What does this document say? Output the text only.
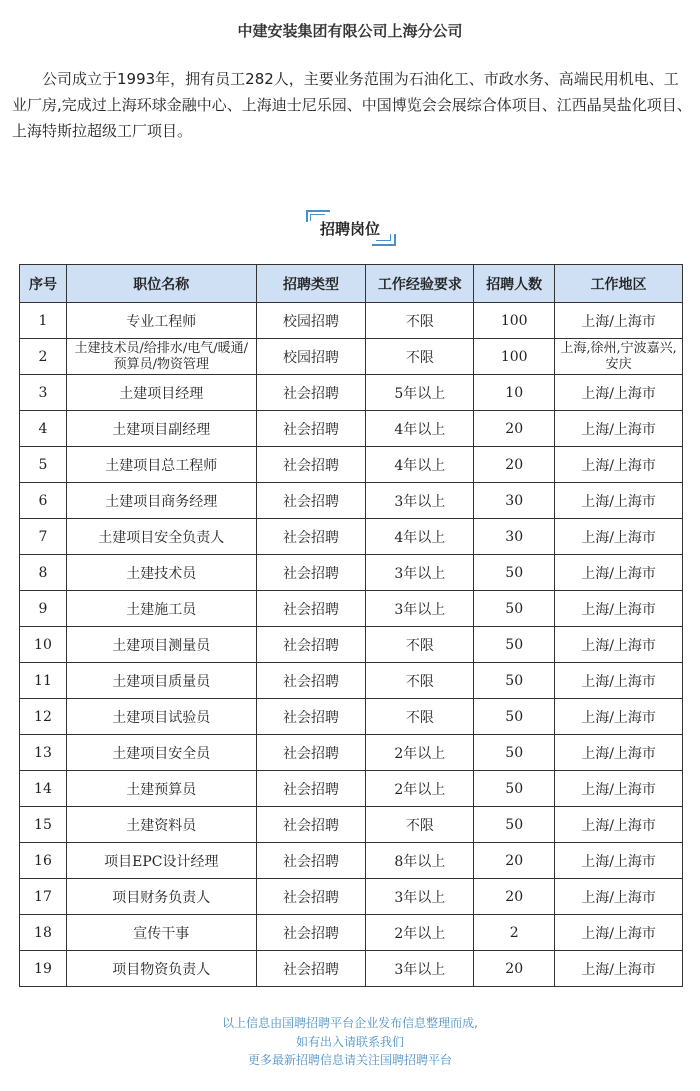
中建安装集团有限公司上海分公司

公司成立于1993年，拥有员工282人，主要业务范围为石油化工、市政水务、高端民用机电、工业厂房,完成过上海环球金融中心、上海迪士尼乐园、中国博览会会展综合体项目、江西晶昊盐化项目、上海特斯拉超级工厂项目。

招聘岗位
序号	职位名称	招聘类型	工作经验要求	招聘人数	工作地区
1	专业工程师	校园招聘	不限	100	上海/上海市
2	土建技术员/给排水/电气/暖通/预算员/物资管理	校园招聘	不限	100	上海,徐州,宁波嘉兴,安庆
3	土建项目经理	社会招聘	5年以上	10	上海/上海市
4	土建项目副经理	社会招聘	4年以上	20	上海/上海市
5	土建项目总工程师	社会招聘	4年以上	20	上海/上海市
6	土建项目商务经理	社会招聘	3年以上	30	上海/上海市
7	土建项目安全负责人	社会招聘	4年以上	30	上海/上海市
8	土建技术员	社会招聘	3年以上	50	上海/上海市
9	土建施工员	社会招聘	3年以上	50	上海/上海市
10	土建项目测量员	社会招聘	不限	50	上海/上海市
11	土建项目质量员	社会招聘	不限	50	上海/上海市
12	土建项目试验员	社会招聘	不限	50	上海/上海市
13	土建项目安全员	社会招聘	2年以上	50	上海/上海市
14	土建预算员	社会招聘	2年以上	50	上海/上海市
15	土建资料员	社会招聘	不限	50	上海/上海市
16	项目EPC设计经理	社会招聘	8年以上	20	上海/上海市
17	项目财务负责人	社会招聘	3年以上	20	上海/上海市
18	宣传干事	社会招聘	2年以上	2	上海/上海市
19	项目物资负责人	社会招聘	3年以上	20	上海/上海市
以上信息由国聘招聘平台企业发布信息整理而成,
如有出入请联系我们
更多最新招聘信息请关注国聘招聘平台
